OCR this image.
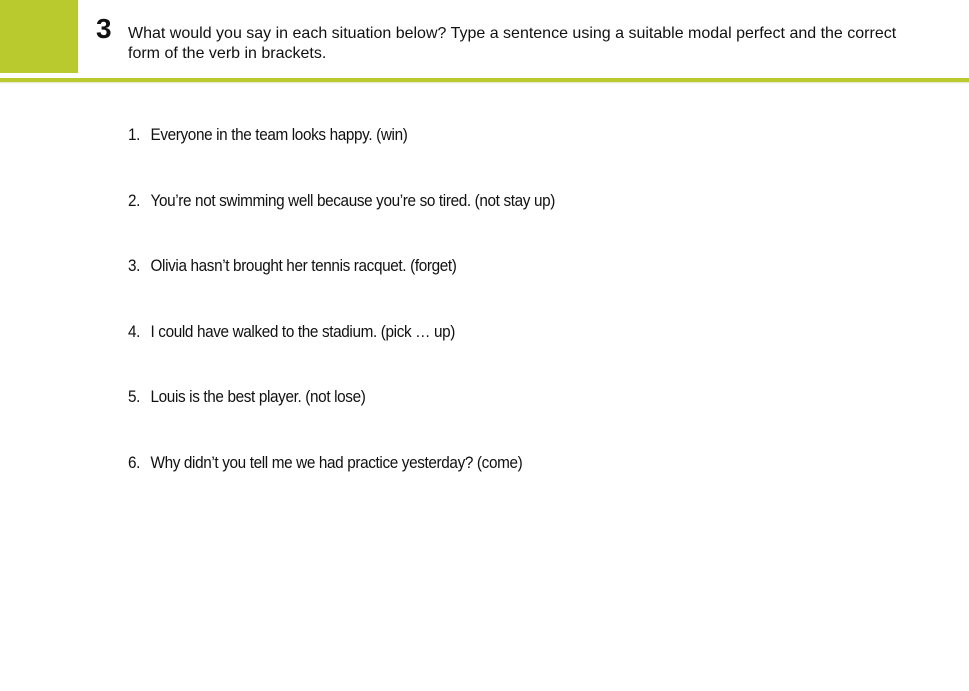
3 What would you say in each situation below? Type a sentence using a suitable modal perfect and the correct form of the verb in brackets.
1. Everyone in the team looks happy. (win)
2. You’re not swimming well because you’re so tired. (not stay up)
3. Olivia hasn’t brought her tennis racquet. (forget)
4. I could have walked to the stadium. (pick … up)
5. Louis is the best player. (not lose)
6. Why didn’t you tell me we had practice yesterday? (come)
